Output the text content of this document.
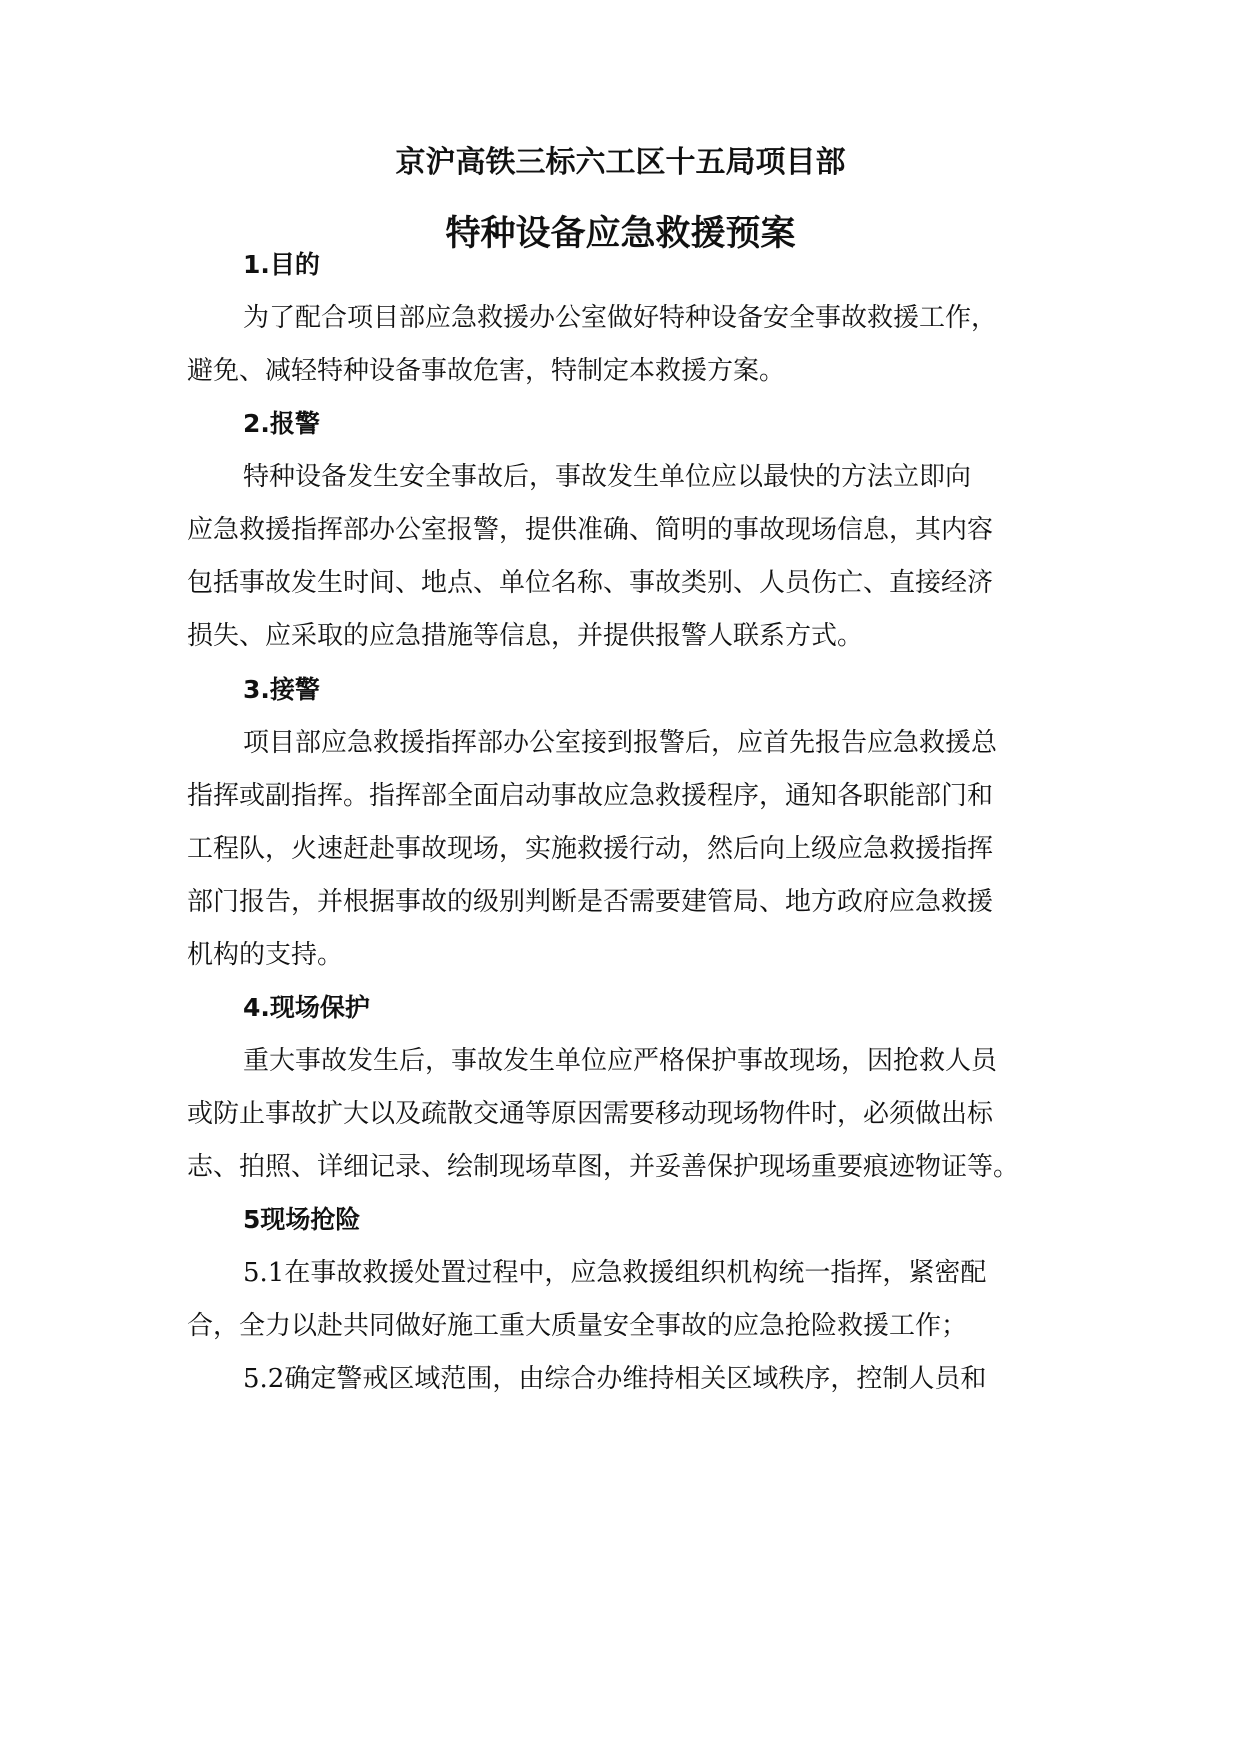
京沪高铁三标六工区十五局项目部
特种设备应急救援预案
1.目的
为了配合项目部应急救援办公室做好特种设备安全事故救援工作，
避免、减轻特种设备事故危害，特制定本救援方案。
2.报警
特种设备发生安全事故后，事故发生单位应以最快的方法立即向
应急救援指挥部办公室报警，提供准确、简明的事故现场信息，其内容
包括事故发生时间、地点、单位名称、事故类别、人员伤亡、直接经济
损失、应采取的应急措施等信息，并提供报警人联系方式。
3.接警
项目部应急救援指挥部办公室接到报警后，应首先报告应急救援总
指挥或副指挥。指挥部全面启动事故应急救援程序，通知各职能部门和
工程队，火速赶赴事故现场，实施救援行动，然后向上级应急救援指挥
部门报告，并根据事故的级别判断是否需要建管局、地方政府应急救援
机构的支持。
4.现场保护
重大事故发生后，事故发生单位应严格保护事故现场，因抢救人员
或防止事故扩大以及疏散交通等原因需要移动现场物件时，必须做出标
志、拍照、详细记录、绘制现场草图，并妥善保护现场重要痕迹物证等。
5现场抢险
5.1在事故救援处置过程中，应急救援组织机构统一指挥，紧密配
合，全力以赴共同做好施工重大质量安全事故的应急抢险救援工作；
5.2确定警戒区域范围，由综合办维持相关区域秩序，控制人员和
